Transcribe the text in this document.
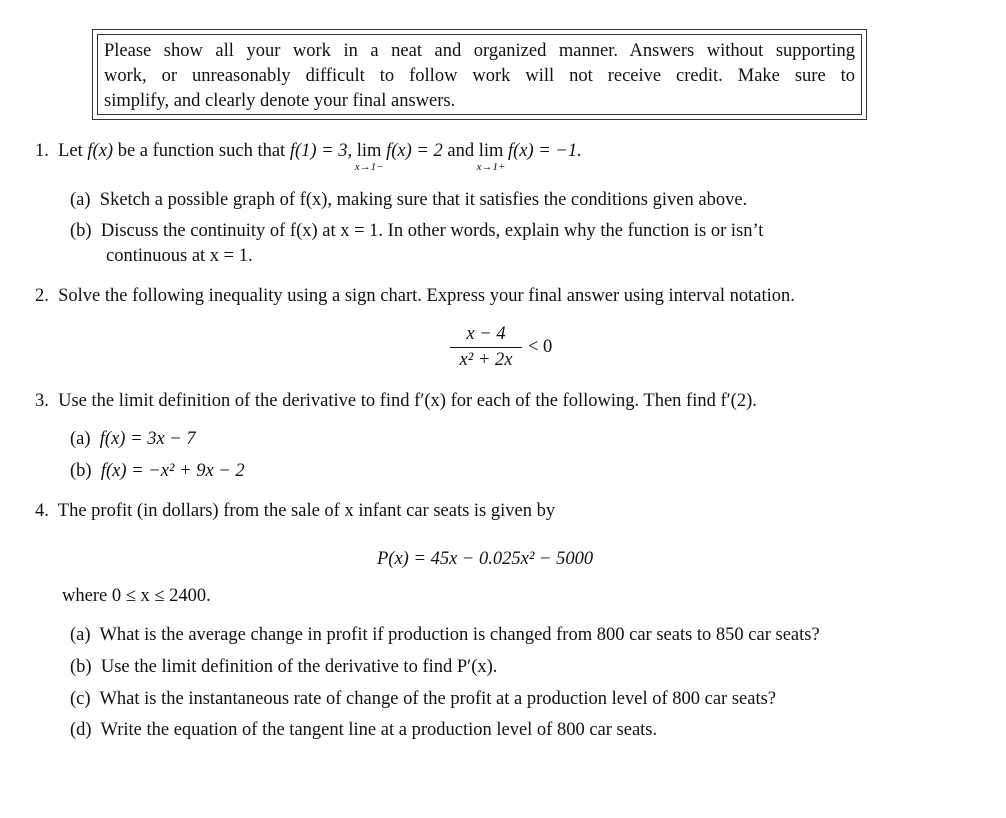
Please show all your work in a neat and organized manner. Answers without supporting
work, or unreasonably difficult to follow work will not receive credit. Make sure to
simplify, and clearly denote your final answers.
1. Let f(x) be a function such that f(1) = 3, lim
x→1−
f(x) = 2 and lim
x→1+
f(x) = −1.
(a) Sketch a possible graph of f(x), making sure that it satisfies the conditions given above.
(b) Discuss the continuity of f(x) at x = 1. In other words, explain why the function is or isn’t
continuous at x = 1.
2. Solve the following inequality using a sign chart. Express your final answer using interval notation.
x − 4
x² + 2x
< 0
3. Use the limit definition of the derivative to find f′(x) for each of the following. Then find f′(2).
(a) f(x) = 3x − 7
(b) f(x) = −x² + 9x − 2
4. The profit (in dollars) from the sale of x infant car seats is given by
P(x) = 45x − 0.025x² − 5000
where 0 ≤ x ≤ 2400.
(a) What is the average change in profit if production is changed from 800 car seats to 850 car seats?
(b) Use the limit definition of the derivative to find P′(x).
(c) What is the instantaneous rate of change of the profit at a production level of 800 car seats?
(d) Write the equation of the tangent line at a production level of 800 car seats.
